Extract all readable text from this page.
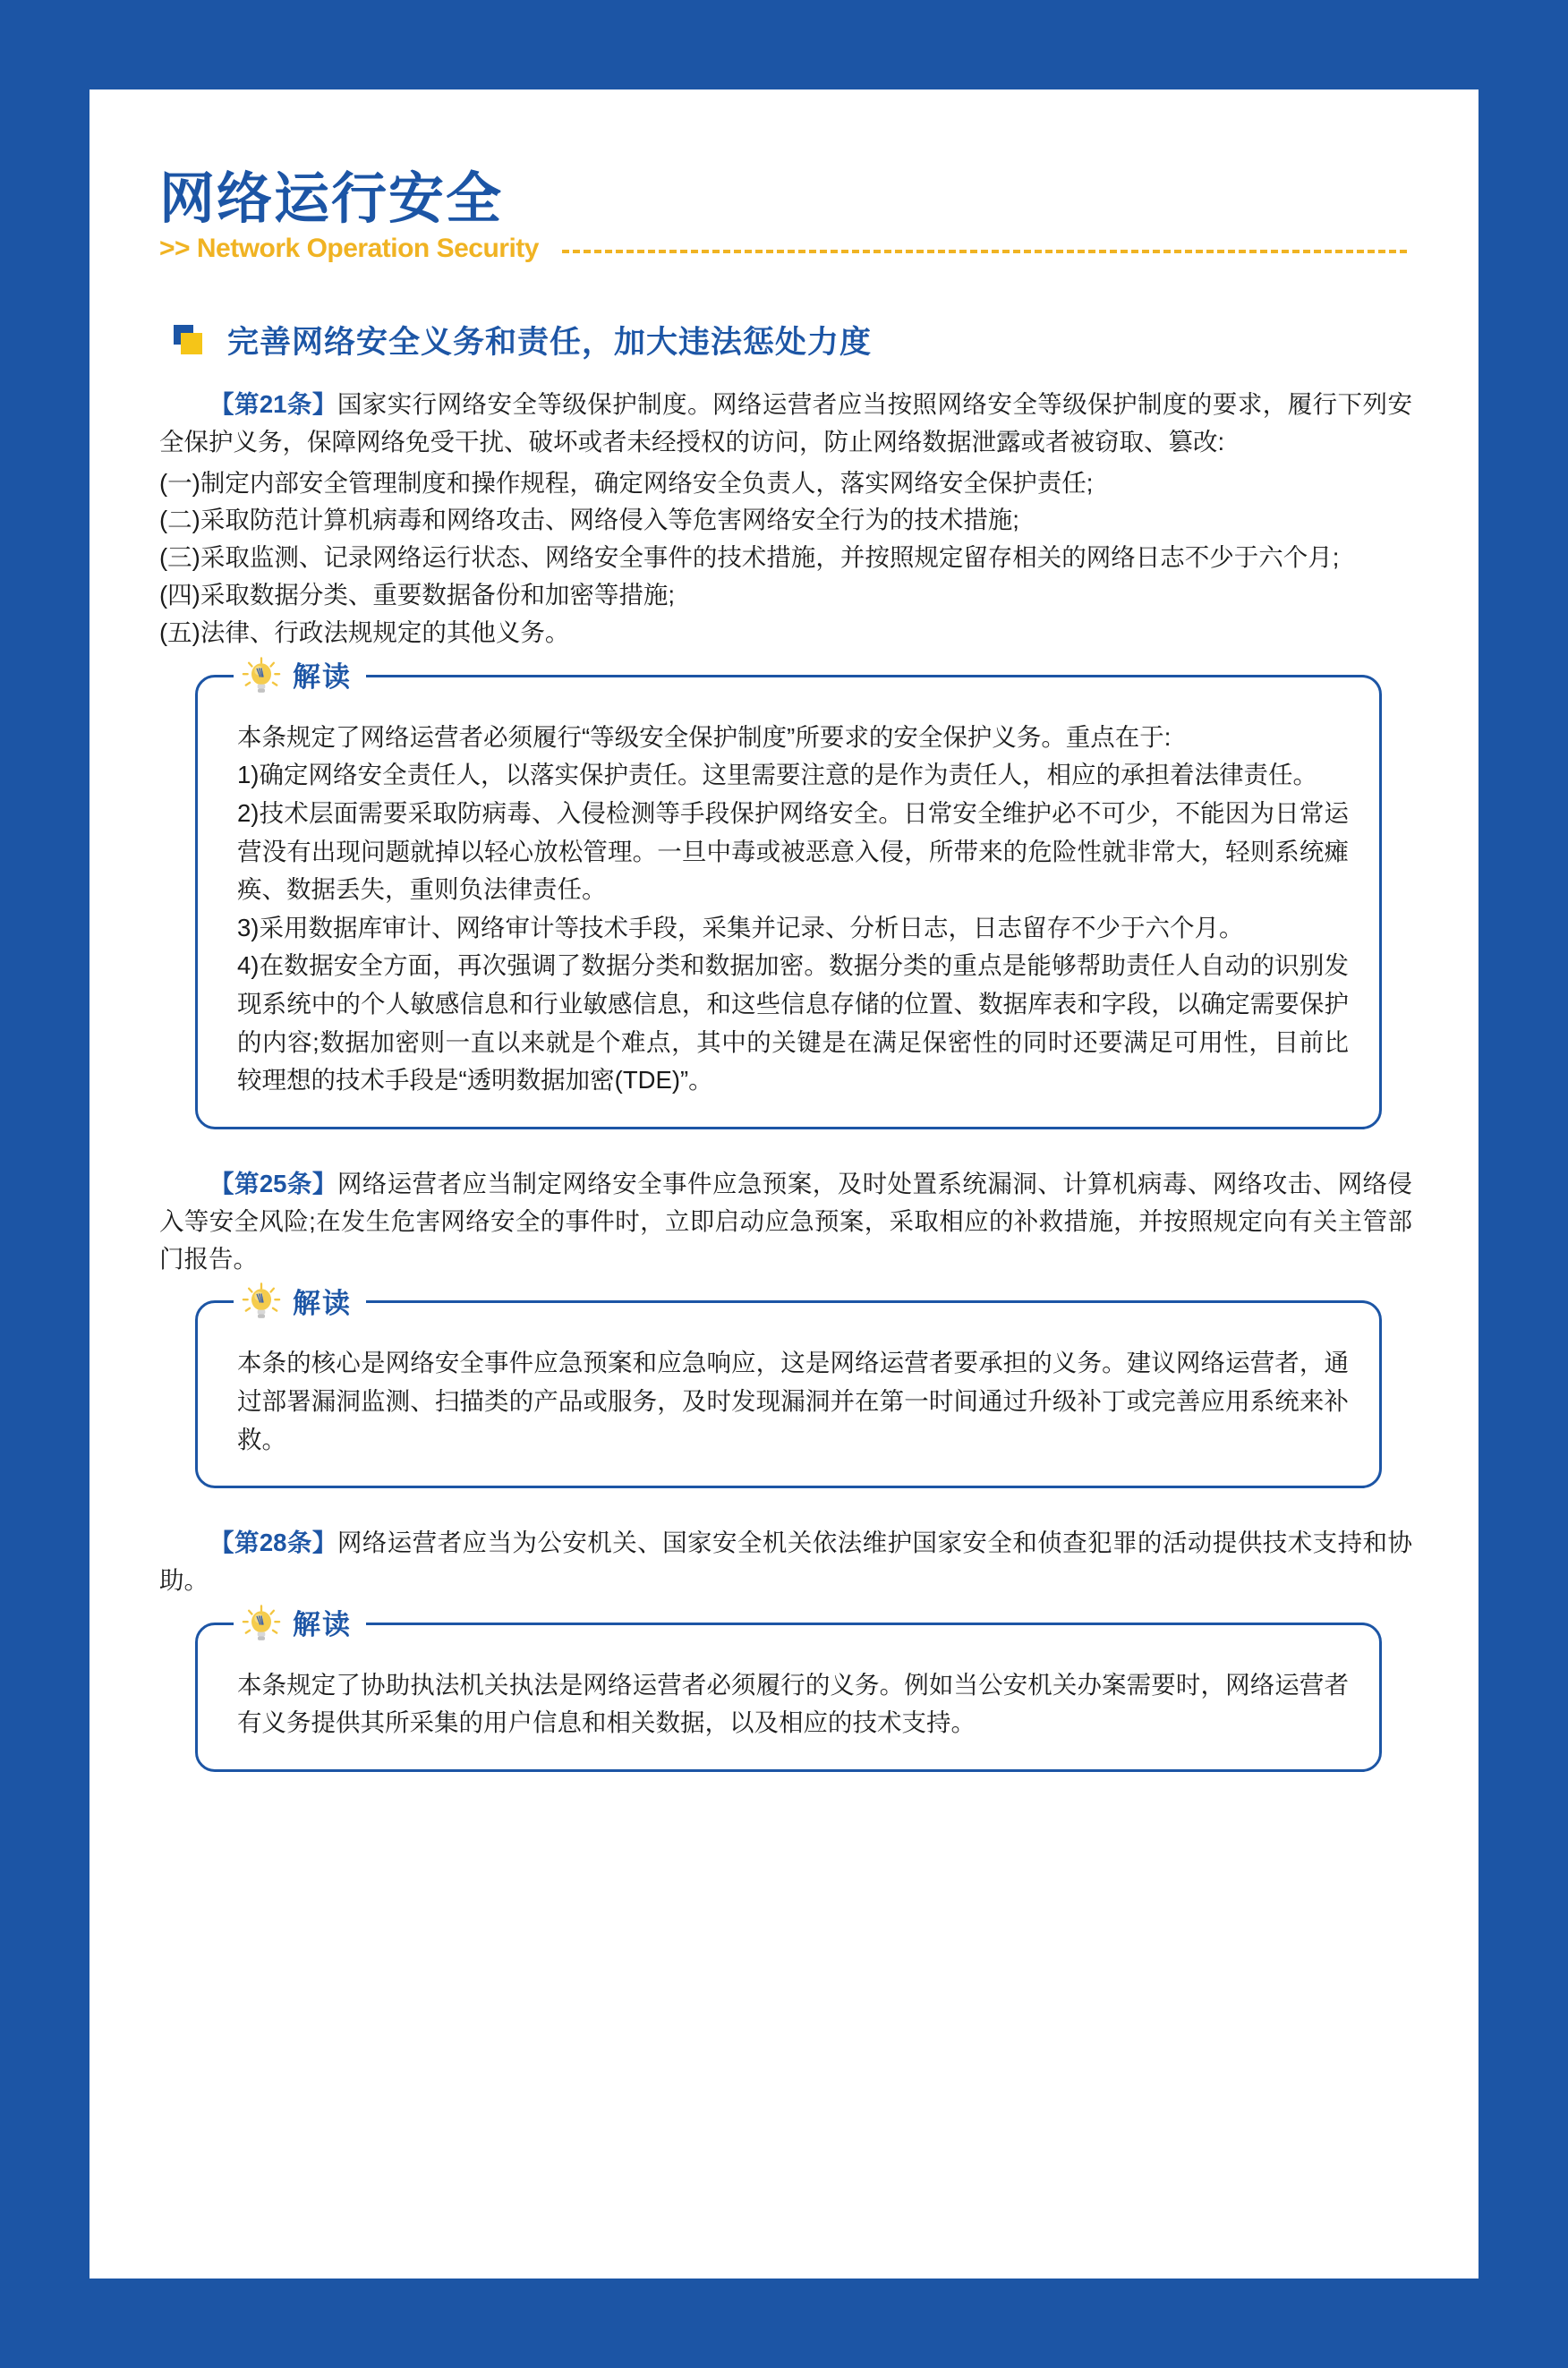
网络运行安全
>> Network Operation Security
完善网络安全义务和责任，加大违法惩处力度
【第21条】国家实行网络安全等级保护制度。网络运营者应当按照网络安全等级保护制度的要求，履行下列安全保护义务，保障网络免受干扰、破坏或者未经授权的访问，防止网络数据泄露或者被窃取、篡改:

(一)制定内部安全管理制度和操作规程，确定网络安全负责人，落实网络安全保护责任;

(二)采取防范计算机病毒和网络攻击、网络侵入等危害网络安全行为的技术措施;

(三)采取监测、记录网络运行状态、网络安全事件的技术措施，并按照规定留存相关的网络日志不少于六个月;

(四)采取数据分类、重要数据备份和加密等措施;

(五)法律、行政法规规定的其他义务。

解读

本条规定了网络运营者必须履行“等级安全保护制度”所要求的安全保护义务。重点在于:

1)确定网络安全责任人，以落实保护责任。这里需要注意的是作为责任人，相应的承担着法律责任。

2)技术层面需要采取防病毒、入侵检测等手段保护网络安全。日常安全维护必不可少，不能因为日常运营没有出现问题就掉以轻心放松管理。一旦中毒或被恶意入侵，所带来的危险性就非常大，轻则系统瘫痪、数据丢失，重则负法律责任。

3)采用数据库审计、网络审计等技术手段，采集并记录、分析日志，日志留存不少于六个月。

4)在数据安全方面，再次强调了数据分类和数据加密。数据分类的重点是能够帮助责任人自动的识别发现系统中的个人敏感信息和行业敏感信息，和这些信息存储的位置、数据库表和字段，以确定需要保护的内容;数据加密则一直以来就是个难点，其中的关键是在满足保密性的同时还要满足可用性，目前比较理想的技术手段是“透明数据加密(TDE)”。

【第25条】网络运营者应当制定网络安全事件应急预案，及时处置系统漏洞、计算机病毒、网络攻击、网络侵入等安全风险;在发生危害网络安全的事件时，立即启动应急预案，采取相应的补救措施，并按照规定向有关主管部门报告。
解读

本条的核心是网络安全事件应急预案和应急响应，这是网络运营者要承担的义务。建议网络运营者，通过部署漏洞监测、扫描类的产品或服务，及时发现漏洞并在第一时间通过升级补丁或完善应用系统来补救。

【第28条】网络运营者应当为公安机关、国家安全机关依法维护国家安全和侦查犯罪的活动提供技术支持和协助。
解读

本条规定了协助执法机关执法是网络运营者必须履行的义务。例如当公安机关办案需要时，网络运营者有义务提供其所采集的用户信息和相关数据，以及相应的技术支持。
